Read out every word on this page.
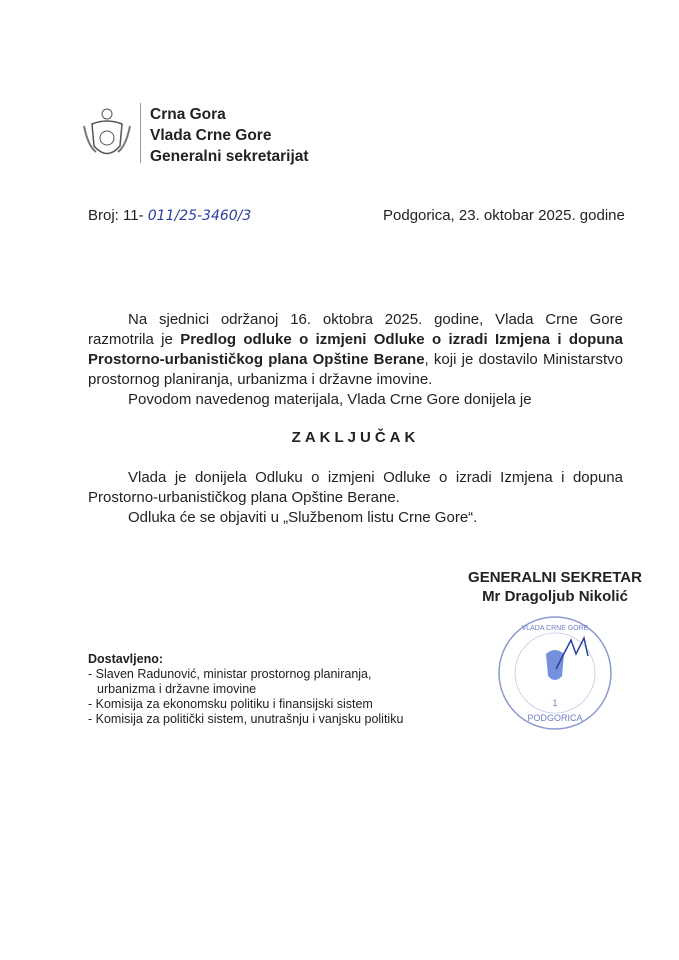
Crna Gora
Vlada Crne Gore
Generalni sekretarijat
Broj: 11- 011/25-3460/3	Podgorica, 23. oktobar 2025. godine

Na sjednici održanoj 16. oktobra 2025. godine, Vlada Crne Gore razmotrila je Predlog odluke o izmjeni Odluke o izradi Izmjena i dopuna Prostorno-urbanističkog plana Opštine Berane, koji je dostavilo Ministarstvo prostornog planiranja, urbanizma i državne imovine.

Povodom navedenog materijala, Vlada Crne Gore donijela je

ZAKLJUČAK

Vlada je donijela Odluku o izmjeni Odluke o izradi Izmjena i dopuna Prostorno-urbanističkog plana Opštine Berane.

Odluka će se objaviti u „Službenom listu Crne Gore“.

GENERALNI SEKRETAR
Mr Dragoljub Nikolić
1
PODGORICA
VLADA CRNE GORE
Dostavljeno:
- Slaven Radunović, ministar prostornog planiranja,
urbanizma i državne imovine
- Komisija za ekonomsku politiku i finansijski sistem
- Komisija za politički sistem, unutrašnju i vanjsku politiku
